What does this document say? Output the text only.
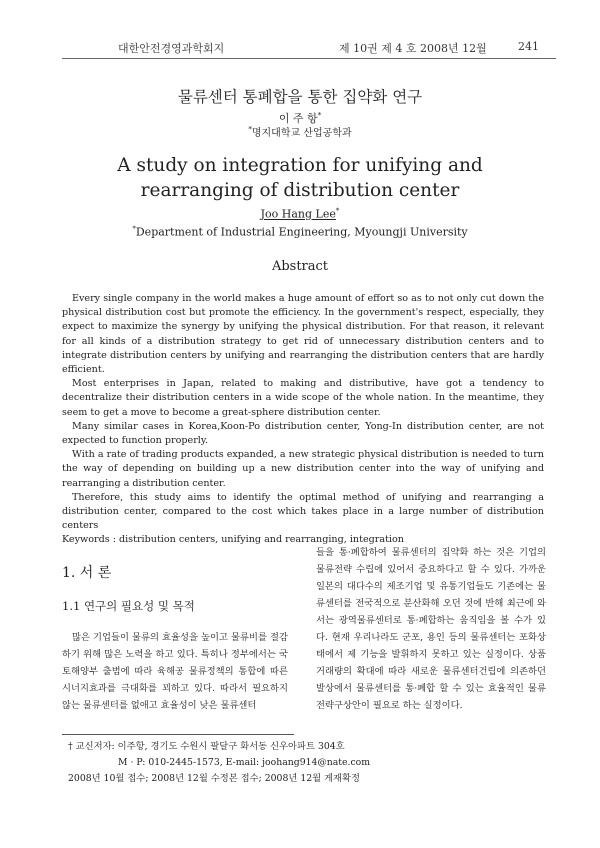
대한안전경영과학회지	제 10권 제 4 호 2008년 12월	241
물류센터 통폐합을 통한 집약화 연구
이 주 항*
*명지대학교 산업공학과
A study on integration for unifying and rearranging of distribution center
Joo Hang Lee*
*Department of Industrial Engineering, Myoungji University
Abstract

Every single company in the world makes a huge amount of effort so as to not only cut down the physical distribution cost but promote the efficiency. In the government's respect, especially, they expect to maximize the synergy by unifying the physical distribution. For that reason, it relevant for all kinds of a distribution strategy to get rid of unnecessary distribution centers and to integrate distribution centers by unifying and rearranging the distribution centers that are hardly efficient.

Most enterprises in Japan, related to making and distributive, have got a tendency to decentralize their distribution centers in a wide scope of the whole nation. In the meantime, they seem to get a move to become a great-sphere distribution center.

Many similar cases in Korea,Koon-Po distribution center, Yong-In distribution center, are not expected to function properly.

With a rate of trading products expanded, a new strategic physical distribution is needed to turn the way of depending on building up a new distribution center into the way of unifying and rearranging a distribution center.

Therefore, this study aims to identify the optimal method of unifying and rearranging a distribution center, compared to the cost which takes place in a large number of distribution centers

Keywords : distribution centers, unifying and rearranging, integration

1. 서 론
1.1 연구의 필요성 및 목적

많은 기업들이 물류의 효율성을 높이고 물류비를 절감하기 위해 많은 노력을 하고 있다. 특히나 정부에서는 국토해양부 출범에 따라 육해공 물류정책의 통합에 따른 시너지효과를 극대화를 꾀하고 있다. 따라서 필요하지 않는 물류센터를 없애고 효율성이 낮은 물류센터

들을 통·폐합하여 물류센터의 집약화 하는 것은 기업의 물류전략 수립에 있어서 중요하다고 할 수 있다. 가까운 일본의 대다수의 제조기업 및 유통기업들도 기존에는 물류센터를 전국적으로 분산화해 오던 것에 반해 최근에 와서는 광역물류센터로 통·폐합하는 움직임을 볼 수가 있다. 현재 우리나라도 군포, 용인 등의 물류센터는 포화상태에서 제 기능을 발휘하지 못하고 있는 실정이다. 상품거래량의 확대에 따라 새로운 물류센터건립에 의존하던 발상에서 물류센터를 통·폐합 할 수 있는 효율적인 물류전략구상안이 필요로 하는 실정이다.

† 교신저자: 이주항, 경기도 수원시 팔달구 화서동 신우아파트 304호
M · P: 010-2445-1573, E-mail: joohang914@nate.com
2008년 10월 접수; 2008년 12월 수정본 접수; 2008년 12월 게재확정
